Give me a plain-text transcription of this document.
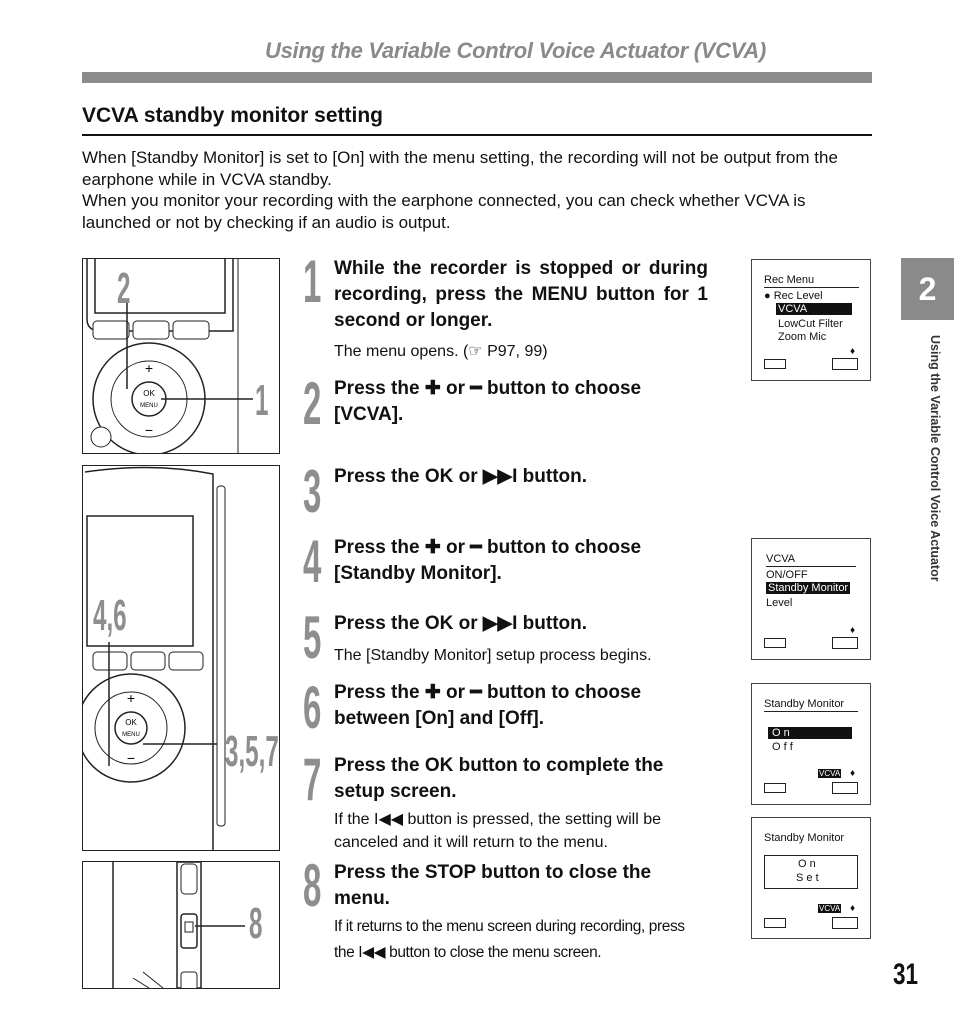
Using the Variable Control Voice Actuator (VCVA)
VCVA standby monitor setting

When [Standby Monitor] is set to [On] with the menu setting, the recording will not be output from the earphone while in VCVA standby.

When you monitor your recording with the earphone connected, you can check whether VCVA is launched or not by checking if an audio is output.

2
Using the Variable Control Voice Actuator
31
OK
MENU
+
−
2
1
OK
MENU
+
−
4,6
3,5,7
8
1 While the recorder is stopped or during recording, press the MENU button for 1 second or longer.
The menu opens. (☞ P97, 99)
2 Press the ✚ or ━ button to choose [VCVA].
3 Press the OK or ▶▶I button.
4 Press the ✚ or ━ button to choose [Standby Monitor].
5 Press the OK or ▶▶I button.
The [Standby Monitor] setup process begins.
6 Press the ✚ or ━ button to choose between [On] and [Off].
7 Press the OK button to complete the setup screen.
If the I◀◀ button is pressed, the setting will be canceled and it will return to the menu.
8 Press the STOP button to close the menu.
If it returns to the menu screen during recording, press the I◀◀ button to close the menu screen.
Rec Menu
● Rec Level
VCVA
LowCut Filter
Zoom Mic
♦
VCVA
ON/OFF
Standby Monitor
Level
♦
Standby Monitor
O n
O f f
VCVA ♦
Standby Monitor
O n
S e t
VCVA ♦
